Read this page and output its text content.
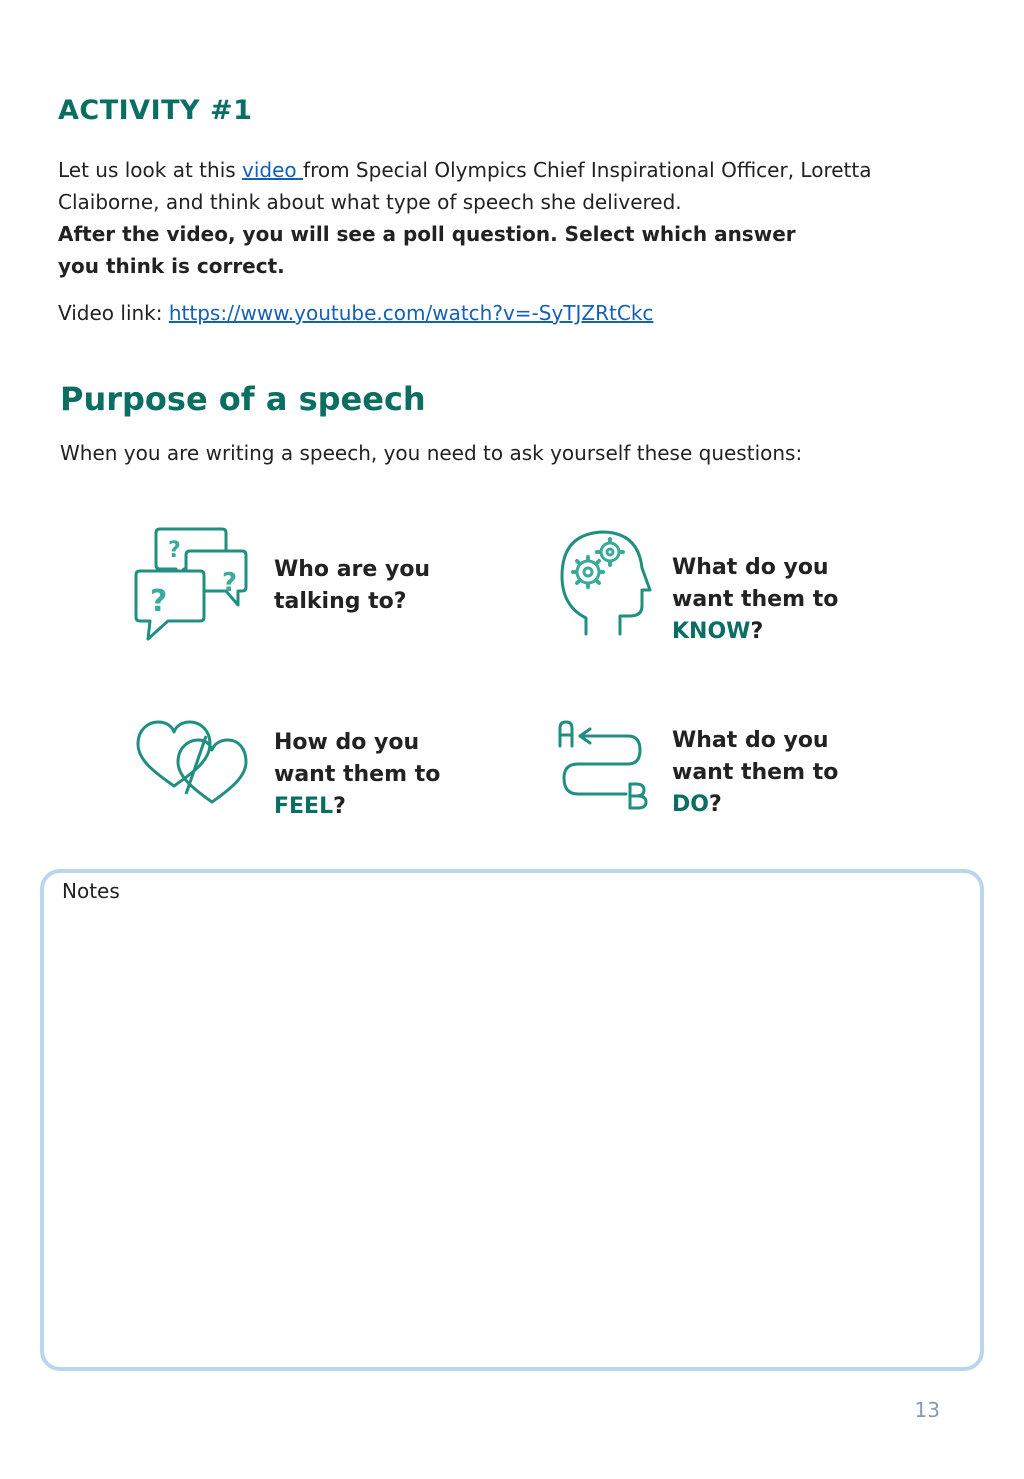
ACTIVITY #1

Let us look at this video from Special Olympics Chief Inspirational Officer, Loretta Claiborne, and think about what type of speech she delivered.

After the video, you will see a poll question. Select which answer you think is correct.

Video link: https://www.youtube.com/watch?v=-SyTJZRtCkc
Purpose of a speech
When you are writing a speech, you need to ask yourself these questions:
?
?
?

Who are you talking to?

What do you want them to KNOW?

How do you want them to FEEL?

What do you want them to DO?

Notes
13
